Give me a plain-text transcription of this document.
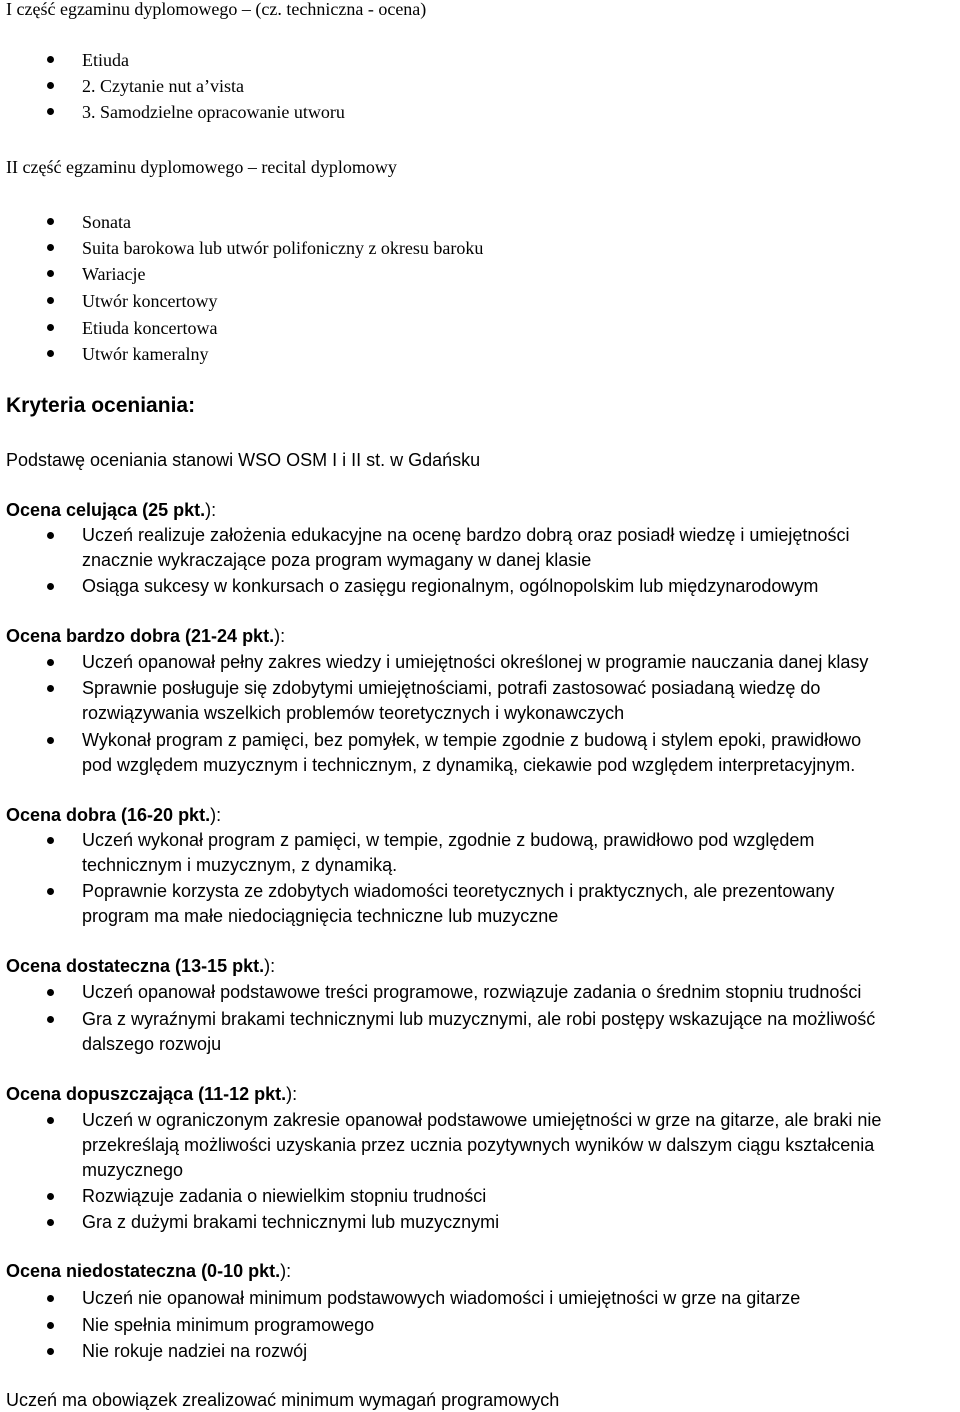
I część egzaminu dyplomowego – (cz. techniczna - ocena)
Etiuda
2. Czytanie nut a’vista
3. Samodzielne opracowanie utworu
II część egzaminu dyplomowego – recital dyplomowy
Sonata
Suita barokowa lub utwór polifoniczny z okresu baroku
Wariacje
Utwór koncertowy
Etiuda koncertowa
Utwór kameralny
Kryteria oceniania:
Podstawę oceniania stanowi WSO OSM I i II st. w Gdańsku
Ocena celująca (25 pkt.):
Uczeń realizuje założenia edukacyjne na ocenę bardzo dobrą oraz posiadł wiedzę i umiejętności
znacznie wykraczające poza program wymagany w danej klasie
Osiąga sukcesy w konkursach o zasięgu regionalnym, ogólnopolskim lub międzynarodowym
Ocena bardzo dobra (21-24 pkt.):
Uczeń opanował pełny zakres wiedzy i umiejętności określonej w programie nauczania danej klasy
Sprawnie posługuje się zdobytymi umiejętnościami, potrafi zastosować posiadaną wiedzę do
rozwiązywania wszelkich problemów teoretycznych i wykonawczych
Wykonał program z pamięci, bez pomyłek, w tempie zgodnie z budową i stylem epoki, prawidłowo
pod względem muzycznym i technicznym, z dynamiką, ciekawie pod względem interpretacyjnym.
Ocena dobra (16-20 pkt.):
Uczeń wykonał program z pamięci, w tempie, zgodnie z budową, prawidłowo pod względem
technicznym i muzycznym, z dynamiką.
Poprawnie korzysta ze zdobytych wiadomości teoretycznych i praktycznych, ale prezentowany
program ma małe niedociągnięcia techniczne lub muzyczne
Ocena dostateczna (13-15 pkt.):
Uczeń opanował podstawowe treści programowe, rozwiązuje zadania o średnim stopniu trudności
Gra z wyraźnymi brakami technicznymi lub muzycznymi, ale robi postępy wskazujące na możliwość
dalszego rozwoju
Ocena dopuszczająca (11-12 pkt.):
Uczeń w ograniczonym zakresie opanował podstawowe umiejętności w grze na gitarze, ale braki nie
przekreślają możliwości uzyskania przez ucznia pozytywnych wyników w dalszym ciągu kształcenia
muzycznego
Rozwiązuje zadania o niewielkim stopniu trudności
Gra z dużymi brakami technicznymi lub muzycznymi
Ocena niedostateczna (0-10 pkt.):
Uczeń nie opanował minimum podstawowych wiadomości i umiejętności w grze na gitarze
Nie spełnia minimum programowego
Nie rokuje nadziei na rozwój
Uczeń ma obowiązek zrealizować minimum wymagań programowych
